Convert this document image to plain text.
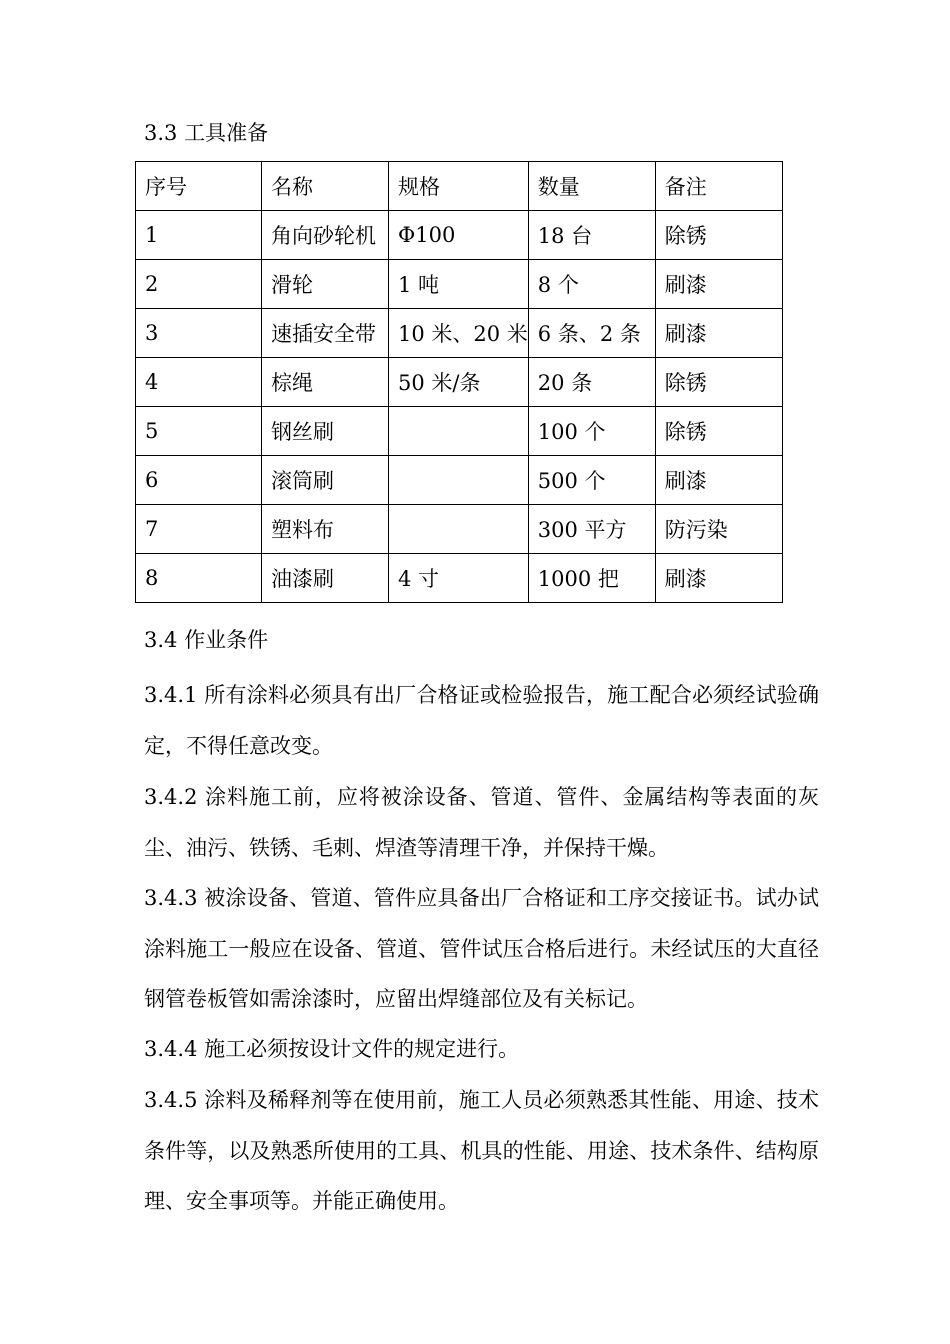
3.3 工具准备
序号	名称	规格	数量	备注
1	角向砂轮机	Φ100	18 台	除锈
2	滑轮	1 吨	8 个	刷漆
3	速插安全带	10 米、20 米	6 条、2 条	刷漆
4	棕绳	50 米/条	20 条	除锈
5	钢丝刷		100 个	除锈
6	滚筒刷		500 个	刷漆
7	塑料布		300 平方	防污染
8	油漆刷	4 寸	1000 把	刷漆
3.4 作业条件

3.4.1 所有涂料必须具有出厂合格证或检验报告，施工配合必须经试验确定，不得任意改变。

3.4.2 涂料施工前，应将被涂设备、管道、管件、金属结构等表面的灰尘、油污、铁锈、毛刺、焊渣等清理干净，并保持干燥。

3.4.3 被涂设备、管道、管件应具备出厂合格证和工序交接证书。试办试涂料施工一般应在设备、管道、管件试压合格后进行。未经试压的大直径钢管卷板管如需涂漆时，应留出焊缝部位及有关标记。

3.4.4 施工必须按设计文件的规定进行。

3.4.5 涂料及稀释剂等在使用前，施工人员必须熟悉其性能、用途、技术条件等，以及熟悉所使用的工具、机具的性能、用途、技术条件、结构原理、安全事项等。并能正确使用。
